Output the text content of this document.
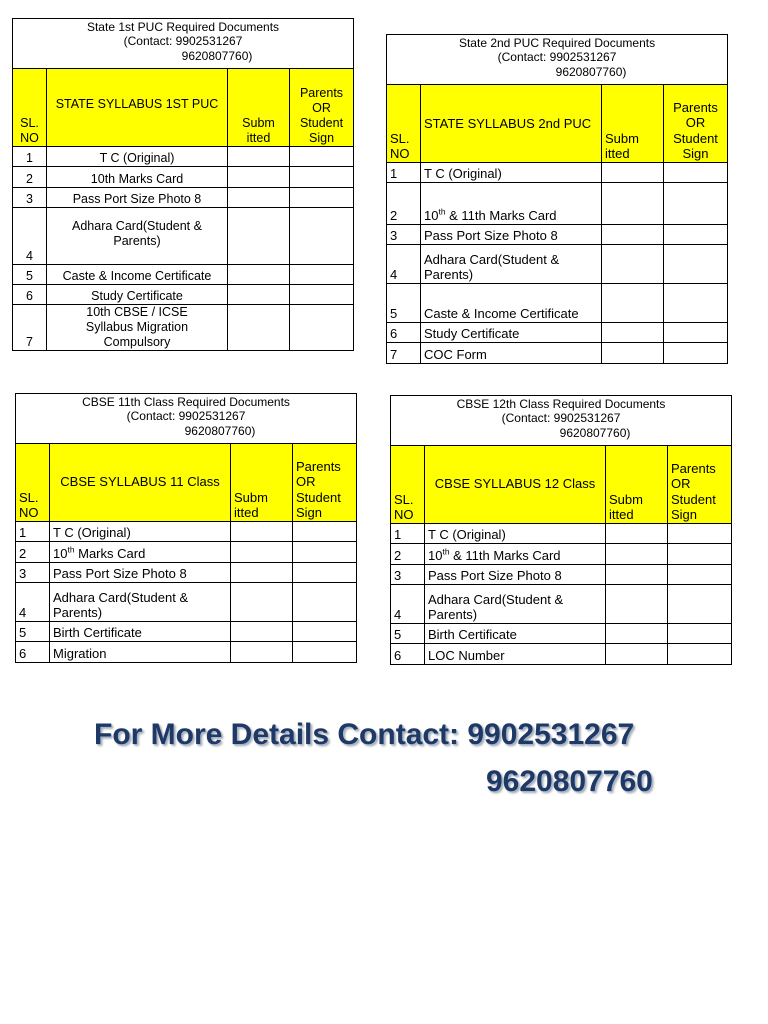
State 1st PUC Required Documents
(Contact: 9902531267
9620807760)			

SL. NO	STATE SYLLABUS 1ST PUC	Subm itted	Parents OR Student Sign
1	T C (Original)		
2	10th Marks Card		
3	Pass Port Size Photo 8		
4	Adhara Card(Student & Parents)		
5	Caste & Income Certificate		
6	Study Certificate		
7	10th CBSE / ICSE Syllabus Migration Compulsory		
State 2nd PUC Required Documents
(Contact: 9902531267
9620807760)			

SL. NO	STATE SYLLABUS 2nd PUC	Subm itted	Parents OR Student Sign
1	T C (Original)		
2	10th & 11th Marks Card		
3	Pass Port Size Photo 8		
4	Adhara Card(Student & Parents)		
5	Caste & Income Certificate		
6	Study Certificate		
7	COC Form		
CBSE 11th Class Required Documents
(Contact: 9902531267
9620807760)			

SL. NO	CBSE SYLLABUS 11 Class	Subm itted	Parents OR Student Sign
1	T C (Original)		
2	10th Marks Card		
3	Pass Port Size Photo 8		
4	Adhara Card(Student & Parents)		
5	Birth Certificate		
6	Migration		
CBSE 12th Class Required Documents
(Contact: 9902531267
9620807760)			

SL. NO	CBSE SYLLABUS 12 Class	Subm itted	Parents OR Student Sign
1	T C (Original)		
2	10th & 11th Marks Card		
3	Pass Port Size Photo 8		
4	Adhara Card(Student & Parents)		
5	Birth Certificate		
6	LOC Number		
For More Details Contact: 9902531267
9620807760
